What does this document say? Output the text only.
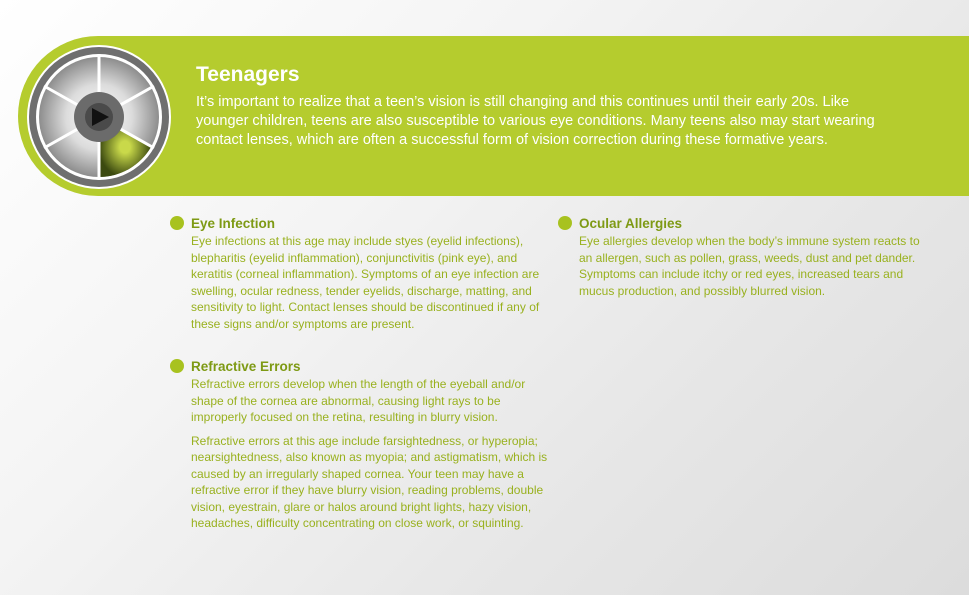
Teenagers

It’s important to realize that a teen’s vision is still changing and this continues until their early 20s. Like younger children, teens are also susceptible to various eye conditions. Many teens also may start wearing contact lenses, which are often a successful form of vision correction during these formative years.

Eye Infection

Eye infections at this age may include styes (eyelid infections), blepharitis (eyelid inflammation), conjunctivitis (pink eye), and keratitis (corneal inflammation). Symptoms of an eye infection are swelling, ocular redness, tender eyelids, discharge, matting, and sensitivity to light. Contact lenses should be discontinued if any of these signs and/or symptoms are present.

Refractive Errors

Refractive errors develop when the length of the eyeball and/or shape of the cornea are abnormal, causing light rays to be improperly focused on the retina, resulting in blurry vision.

Refractive errors at this age include farsightedness, or hyperopia; nearsightedness, also known as myopia; and astigmatism, which is caused by an irregularly shaped cornea. Your teen may have a refractive error if they have blurry vision, reading problems, double vision, eyestrain, glare or halos around bright lights, hazy vision, headaches, difficulty concentrating on close work, or squinting.

Ocular Allergies

Eye allergies develop when the body’s immune system reacts to an allergen, such as pollen, grass, weeds, dust and pet dander. Symptoms can include itchy or red eyes, increased tears and mucus production, and possibly blurred vision.
